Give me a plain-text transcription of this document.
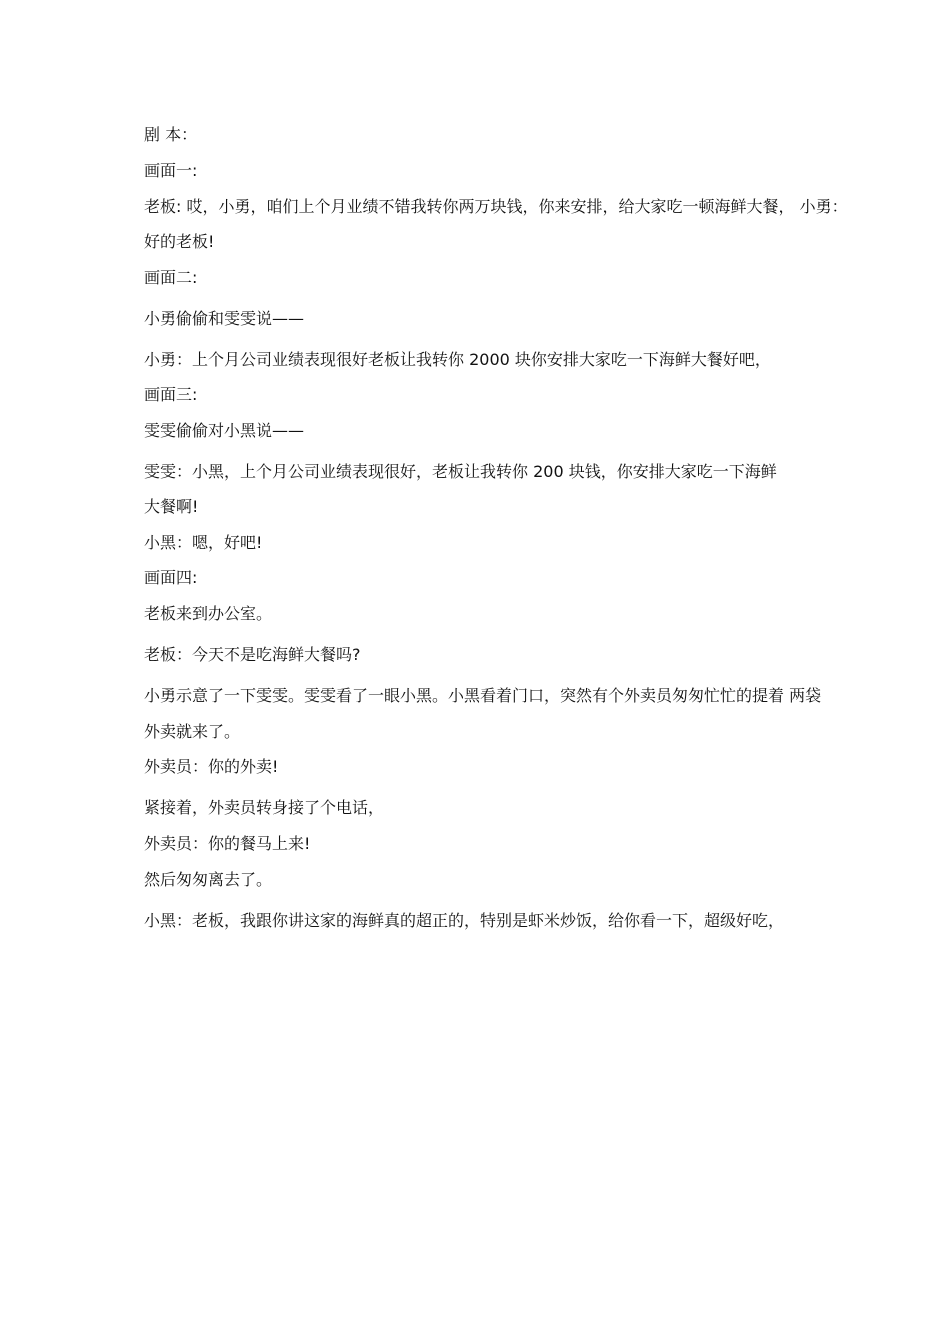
剧 本：
画面一:
老板: 哎，小勇，咱们上个月业绩不错我转你两万块钱，你来安排，给大家吃一顿海鲜大餐， 小勇：
好的老板!
画面二:
小勇偷偷和雯雯说——
小勇：上个月公司业绩表现很好老板让我转你 2000 块你安排大家吃一下海鲜大餐好吧，
画面三:
雯雯偷偷对小黑说——
雯雯：小黑，上个月公司业绩表现很好，老板让我转你 200 块钱，你安排大家吃一下海鲜
大餐啊!
小黑：嗯，好吧!
画面四:
老板来到办公室。
老板：今天不是吃海鲜大餐吗?
小勇示意了一下雯雯。雯雯看了一眼小黑。小黑看着门口，突然有个外卖员匆匆忙忙的提着 两袋
外卖就来了。
外卖员：你的外卖!
紧接着，外卖员转身接了个电话，
外卖员：你的餐马上来!
然后匆匆离去了。
小黑：老板，我跟你讲这家的海鲜真的超正的，特别是虾米炒饭，给你看一下，超级好吃，
